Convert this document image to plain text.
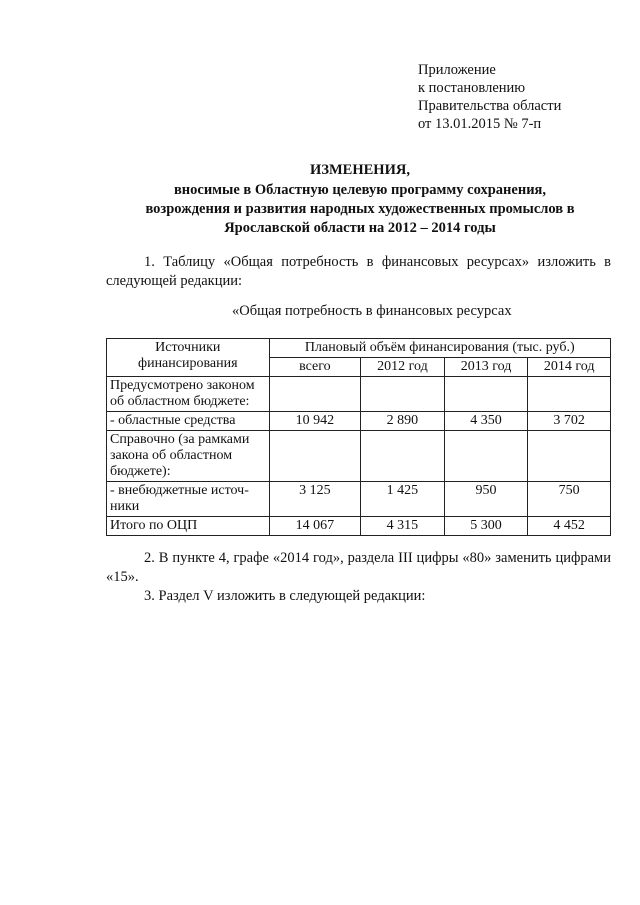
Приложение
к постановлению
Правительства области
от 13.01.2015 № 7-п
ИЗМЕНЕНИЯ,
вносимые в Областную целевую программу сохранения,
возрождения и развития народных художественных промыслов в
Ярославской области на 2012 – 2014 годы
1. Таблицу «Общая потребность в финансовых ресурсах» изложить в следующей редакции:
«Общая потребность в финансовых ресурсах
Источники финансирования	Плановый объём финансирования (тыс. руб.)			
	всего	2012 год	2013 год	2014 год
Предусмотрено законом об областном бюджете:				
- областные средства	10 942	2 890	4 350	3 702
Справочно (за рамками закона об областном бюджете):				
- внебюджетные источ-ники	3 125	1 425	950	750
Итого по ОЦП	14 067	4 315	5 300	4 452
2. В пункте 4, графе «2014 год», раздела III цифры «80» заменить цифрами «15».
3. Раздел V изложить в следующей редакции:
